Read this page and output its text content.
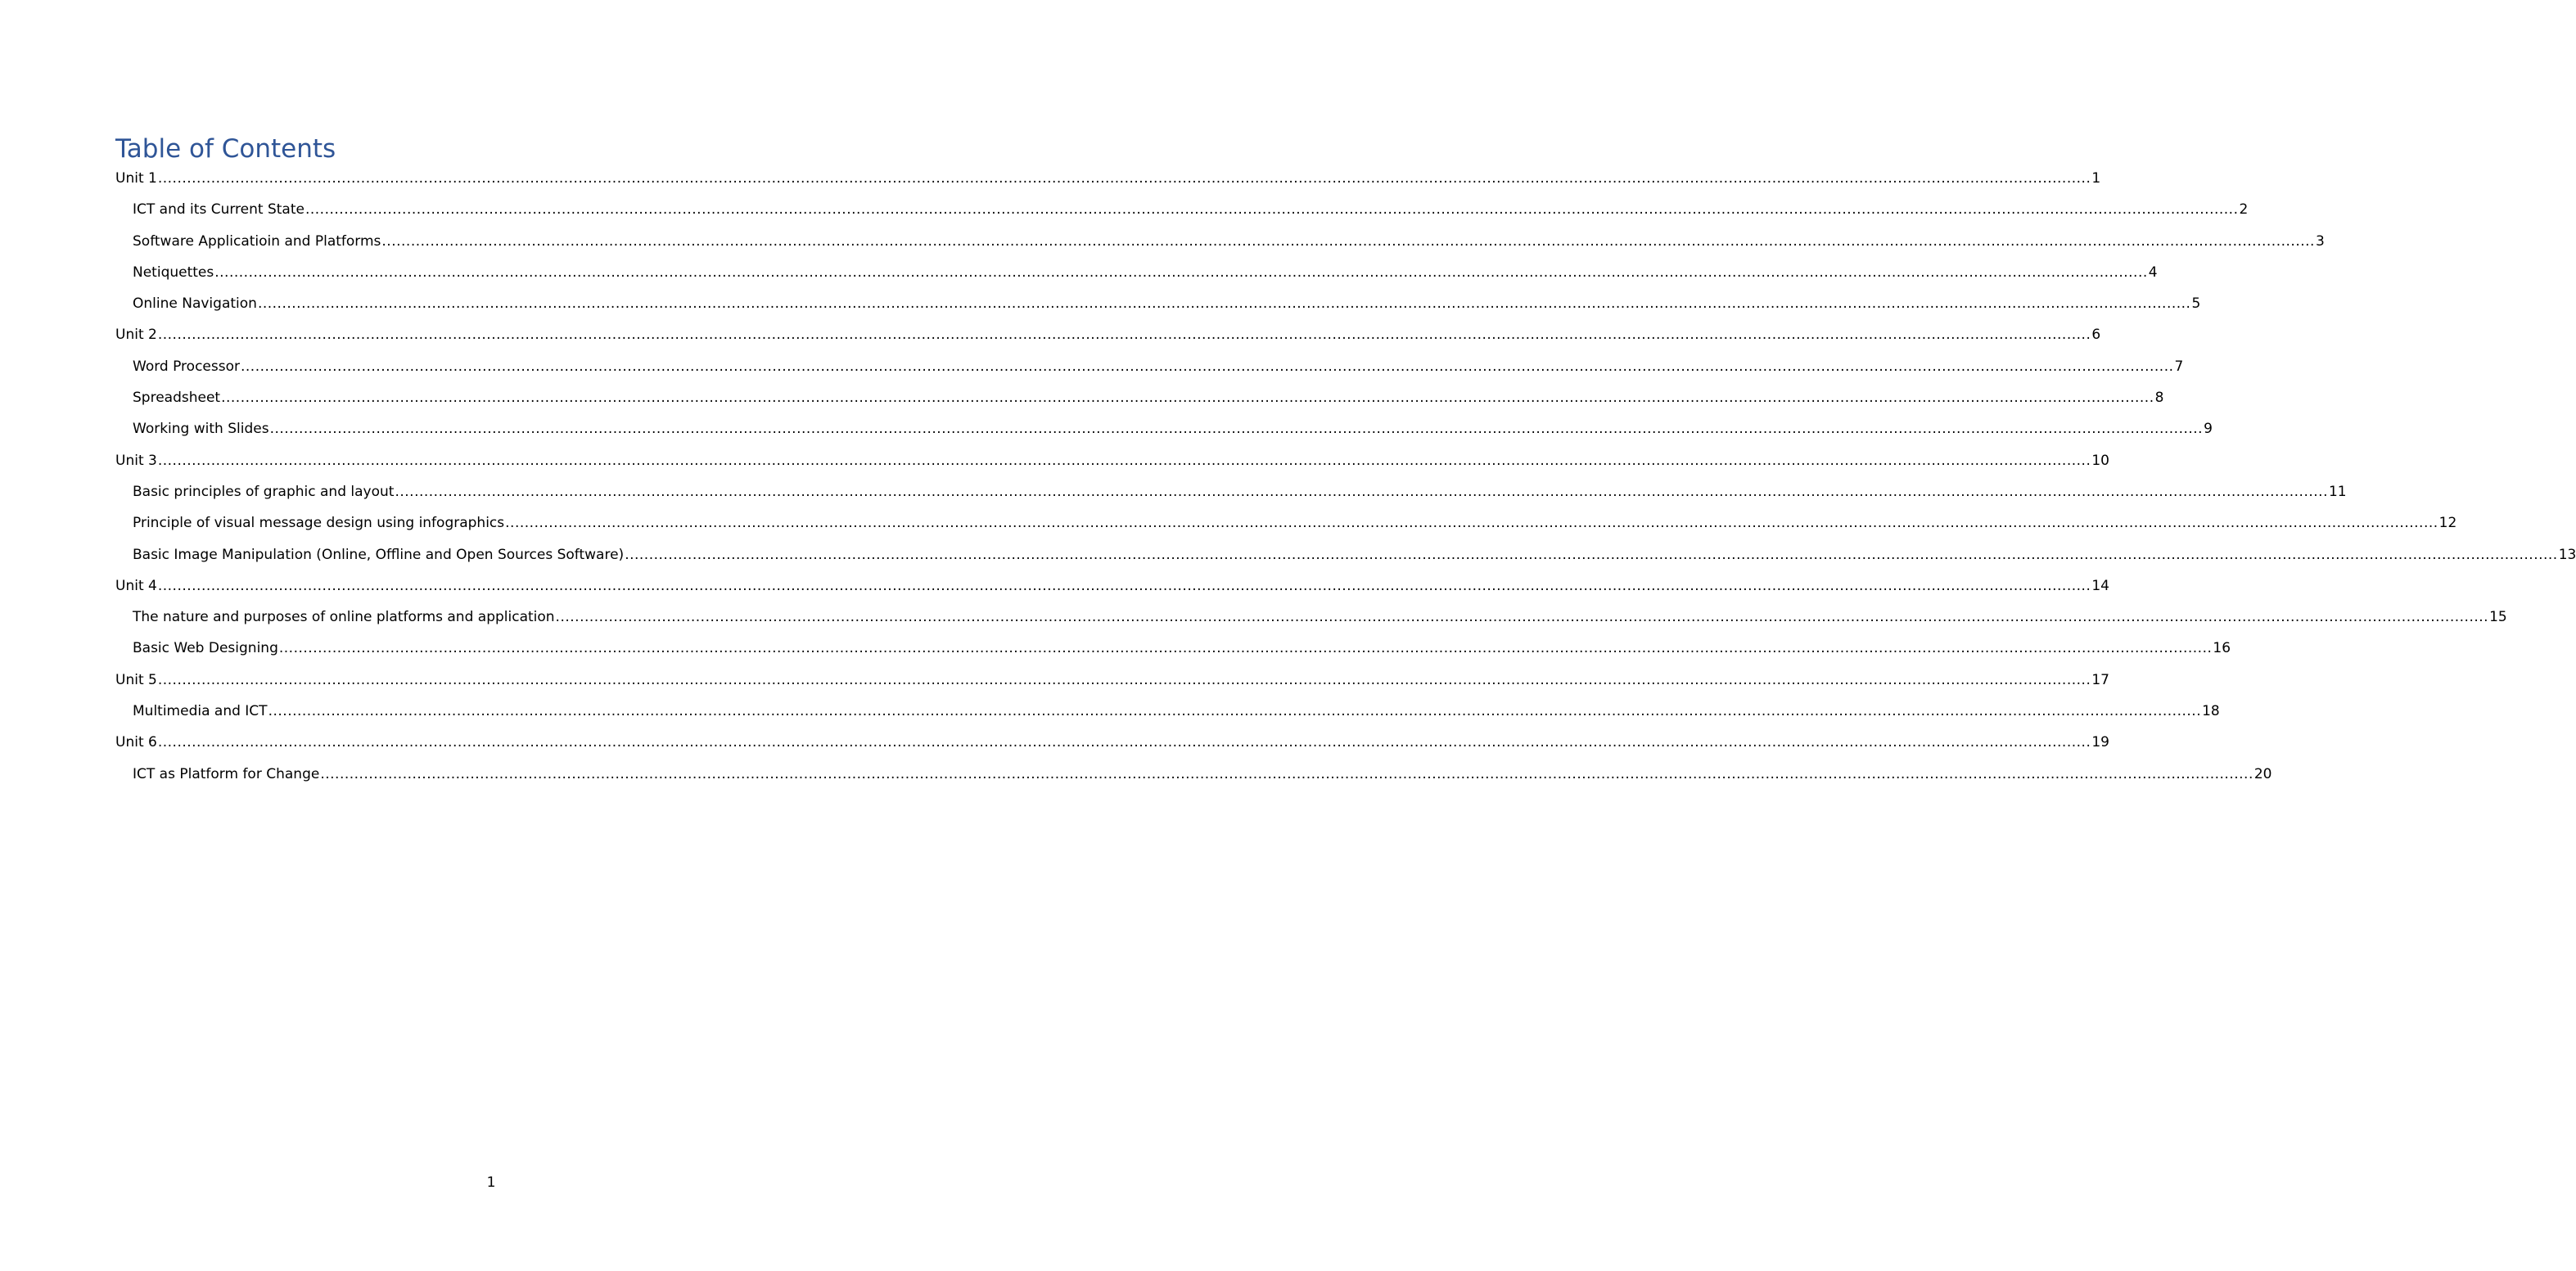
Table of Contents
Unit 1 .....	1
ICT and its Current State .....	2
Software Applicatioin and Platforms .....	3
Netiquettes .....	4
Online Navigation .....	5
Unit 2 .....	6
Word Processor .....	7
Spreadsheet .....	8
Working with Slides .....	9
Unit 3 .....	10
Basic principles of graphic and layout .....	11
Principle of visual message design using infographics .....	12
Basic Image Manipulation (Online, Offline and Open Sources Software) .....	13
Unit 4 .....	14
The nature and purposes of online platforms and application .....	15
Basic Web Designing .....	16
Unit 5 .....	17
Multimedia and ICT .....	18
Unit 6 .....	19
ICT as Platform for Change .....	20
1
